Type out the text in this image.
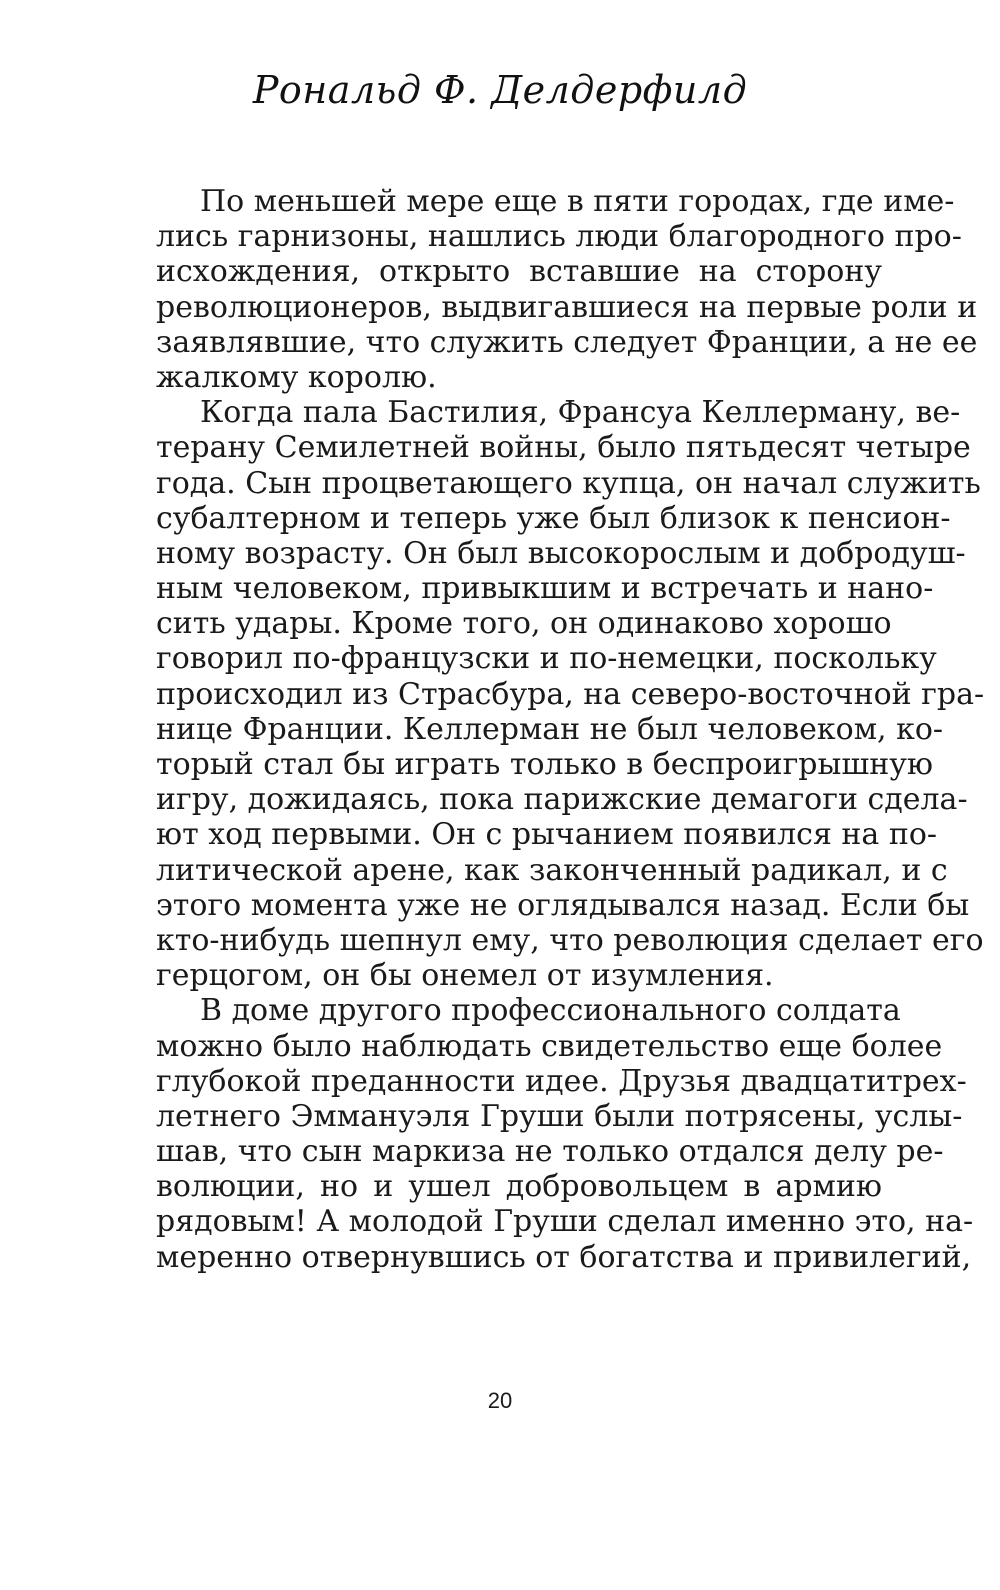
Рональд Ф. Делдерфилд
По меньшей мере еще в пяти городах, где име-
лись гарнизоны, нашлись люди благородного про-
исхождения, открыто вставшие на сторону
революционеров, выдвигавшиеся на первые роли и
заявлявшие, что служить следует Франции, а не ее
жалкому королю.
Когда пала Бастилия, Франсуа Келлерману, ве-
терану Семилетней войны, было пятьдесят четыре
года. Сын процветающего купца, он начал служить
субалтерном и теперь уже был близок к пенсион-
ному возрасту. Он был высокорослым и добродуш-
ным человеком, привыкшим и встречать и нано-
сить удары. Кроме того, он одинаково хорошо
говорил по-французски и по-немецки, поскольку
происходил из Страсбура, на северо-восточной гра-
нице Франции. Келлерман не был человеком, ко-
торый стал бы играть только в беспроигрышную
игру, дожидаясь, пока парижские демагоги сдела-
ют ход первыми. Он с рычанием появился на по-
литической арене, как законченный радикал, и с
этого момента уже не оглядывался назад. Если бы
кто-нибудь шепнул ему, что революция сделает его
герцогом, он бы онемел от изумления.
В доме другого профессионального солдата
можно было наблюдать свидетельство еще более
глубокой преданности идее. Друзья двадцатитрех-
летнего Эммануэля Груши были потрясены, услы-
шав, что сын маркиза не только отдался делу ре-
волюции, но и ушел добровольцем в армию
рядовым! А молодой Груши сделал именно это, на-
меренно отвернувшись от богатства и привилегий,
20
